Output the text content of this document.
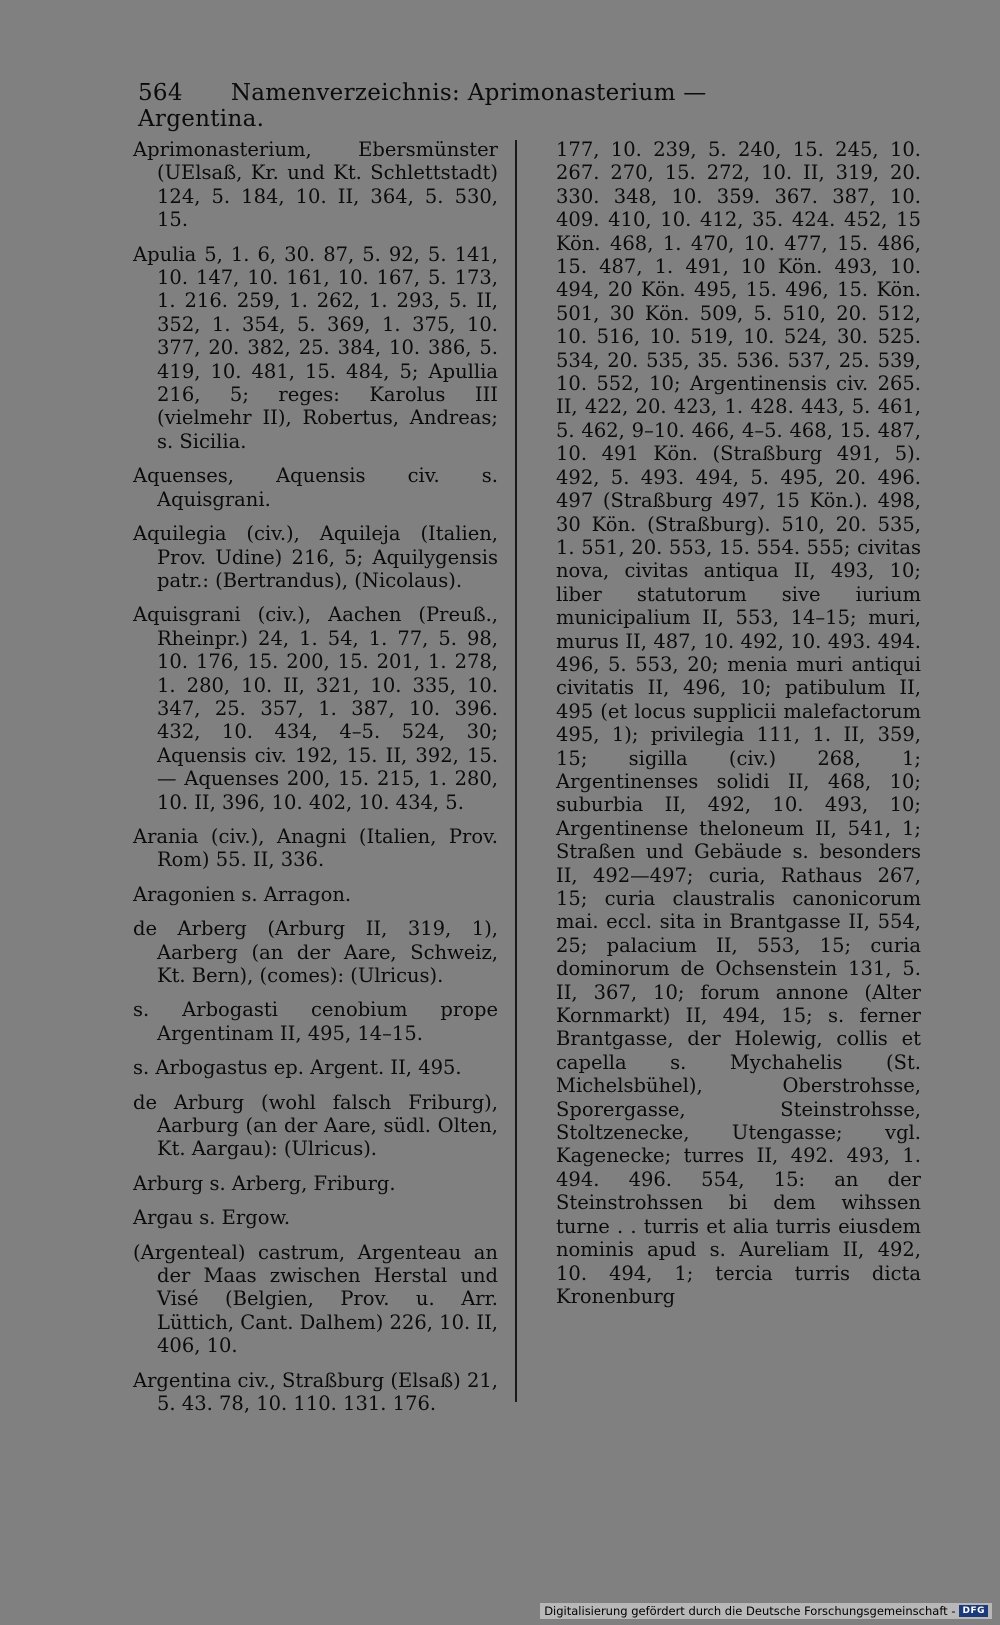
564 Namenverzeichnis: Aprimonasterium — Argentina.

Aprimonasterium, Ebersmünster (UElsaß, Kr. und Kt. Schlettstadt) 124, 5. 184, 10. II, 364, 5. 530, 15.

Apulia 5, 1. 6, 30. 87, 5. 92, 5. 141, 10. 147, 10. 161, 10. 167, 5. 173, 1. 216. 259, 1. 262, 1. 293, 5. II, 352, 1. 354, 5. 369, 1. 375, 10. 377, 20. 382, 25. 384, 10. 386, 5. 419, 10. 481, 15. 484, 5; Apullia 216, 5; reges: Karolus III (vielmehr II), Robertus, Andreas; s. Sicilia.

Aquenses, Aquensis civ. s. Aquisgrani.

Aquilegia (civ.), Aquileja (Italien, Prov. Udine) 216, 5; Aquilygensis patr.: (Bertrandus), (Nicolaus).

Aquisgrani (civ.), Aachen (Preuß., Rheinpr.) 24, 1. 54, 1. 77, 5. 98, 10. 176, 15. 200, 15. 201, 1. 278, 1. 280, 10. II, 321, 10. 335, 10. 347, 25. 357, 1. 387, 10. 396. 432, 10. 434, 4–5. 524, 30; Aquensis civ. 192, 15. II, 392, 15. — Aquenses 200, 15. 215, 1. 280, 10. II, 396, 10. 402, 10. 434, 5.

Arania (civ.), Anagni (Italien, Prov. Rom) 55. II, 336.

Aragonien s. Arragon.

de Arberg (Arburg II, 319, 1), Aarberg (an der Aare, Schweiz, Kt. Bern), (comes): (Ulricus).

s. Arbogasti cenobium prope Argentinam II, 495, 14–15.

s. Arbogastus ep. Argent. II, 495.

de Arburg (wohl falsch Friburg), Aarburg (an der Aare, südl. Olten, Kt. Aargau): (Ulricus).

Arburg s. Arberg, Friburg.

Argau s. Ergow.

(Argenteal) castrum, Argenteau an der Maas zwischen Herstal und Visé (Belgien, Prov. u. Arr. Lüttich, Cant. Dalhem) 226, 10. II, 406, 10.

Argentina civ., Straßburg (Elsaß) 21, 5. 43. 78, 10. 110. 131. 176.

177, 10. 239, 5. 240, 15. 245, 10. 267. 270, 15. 272, 10. II, 319, 20. 330. 348, 10. 359. 367. 387, 10. 409. 410, 10. 412, 35. 424. 452, 15 Kön. 468, 1. 470, 10. 477, 15. 486, 15. 487, 1. 491, 10 Kön. 493, 10. 494, 20 Kön. 495, 15. 496, 15. Kön. 501, 30 Kön. 509, 5. 510, 20. 512, 10. 516, 10. 519, 10. 524, 30. 525. 534, 20. 535, 35. 536. 537, 25. 539, 10. 552, 10; Argentinensis civ. 265. II, 422, 20. 423, 1. 428. 443, 5. 461, 5. 462, 9–10. 466, 4–5. 468, 15. 487, 10. 491 Kön. (Straßburg 491, 5). 492, 5. 493. 494, 5. 495, 20. 496. 497 (Straßburg 497, 15 Kön.). 498, 30 Kön. (Straßburg). 510, 20. 535, 1. 551, 20. 553, 15. 554. 555; civitas nova, civitas antiqua II, 493, 10; liber statutorum sive iurium municipalium II, 553, 14–15; muri, murus II, 487, 10. 492, 10. 493. 494. 496, 5. 553, 20; menia muri antiqui civitatis II, 496, 10; patibulum II, 495 (et locus supplicii malefactorum 495, 1); privilegia 111, 1. II, 359, 15; sigilla (civ.) 268, 1; Argentinenses solidi II, 468, 10; suburbia II, 492, 10. 493, 10; Argentinense theloneum II, 541, 1; Straßen und Gebäude s. besonders II, 492—497; curia, Rathaus 267, 15; curia claustralis canonicorum mai. eccl. sita in Brantgasse II, 554, 25; palacium II, 553, 15; curia dominorum de Ochsenstein 131, 5. II, 367, 10; forum annone (Alter Kornmarkt) II, 494, 15; s. ferner Brantgasse, der Holewig, collis et capella s. Mychahelis (St. Michelsbühel), Oberstrohsse, Sporergasse, Steinstrohsse, Stoltzenecke, Utengasse; vgl. Kagenecke; turres II, 492. 493, 1. 494. 496. 554, 15: an der Steinstrohssen bi dem wihssen turne . . turris et alia turris eiusdem nominis apud s. Aureliam II, 492, 10. 494, 1; tercia turris dicta Kronenburg

Digitalisierung gefördert durch die Deutsche Forschungsgemeinschaft - DFG
